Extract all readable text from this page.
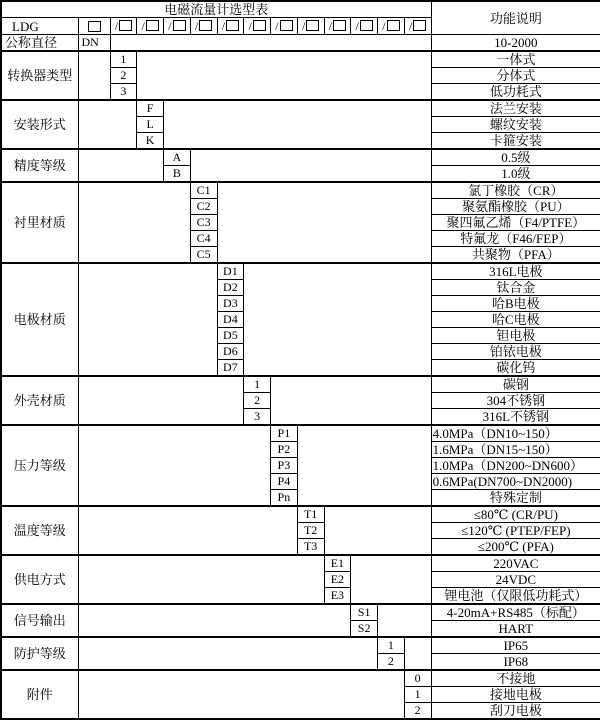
电磁流量计选型表														功能说明
LDG		/	/	/	/	/	/	/	/	/	/	/	/	
公称直径	DN													10-2000
转换器类型		1												一体式
		2												分体式
		3												低功耗式
安装形式			F											法兰安装
			L											螺纹安装
			K											卡箍安装
精度等级				A										0.5级
				B										1.0级
衬里材质					C1									氯丁橡胶（CR）
					C2									聚氨酯橡胶（PU）
					C3									聚四氟乙烯（F4/PTFE）
					C4									特氟龙（F46/FEP）
					C5									共聚物（PFA）
电极材质						D1								316L电极
						D2								钛合金
						D3								哈B电极
						D4								哈C电极
						D5								钽电极
						D6								铂铱电极
						D7								碳化钨
外壳材质							1							碳钢
							2							304不锈钢
							3							316L不锈钢
压力等级								P1						4.0MPa（DN10~150）
								P2						1.6MPa（DN15~150）
								P3						1.0MPa（DN200~DN600）
								P4						0.6MPa(DN700~DN2000)
								Pn						特殊定制
温度等级									T1					≤80℃ (CR/PU)
									T2					≤120℃ (PTEP/FEP)
									T3					≤200℃ (PFA)
供电方式										E1				220VAC
										E2				24VDC
										E3				锂电池（仅限低功耗式）
信号输出											S1			4-20mA+RS485（标配）
											S2			HART
防护等级												1		IP65
												2		IP68
附件													0	不接地
													1	接地电极
													2	刮刀电极
